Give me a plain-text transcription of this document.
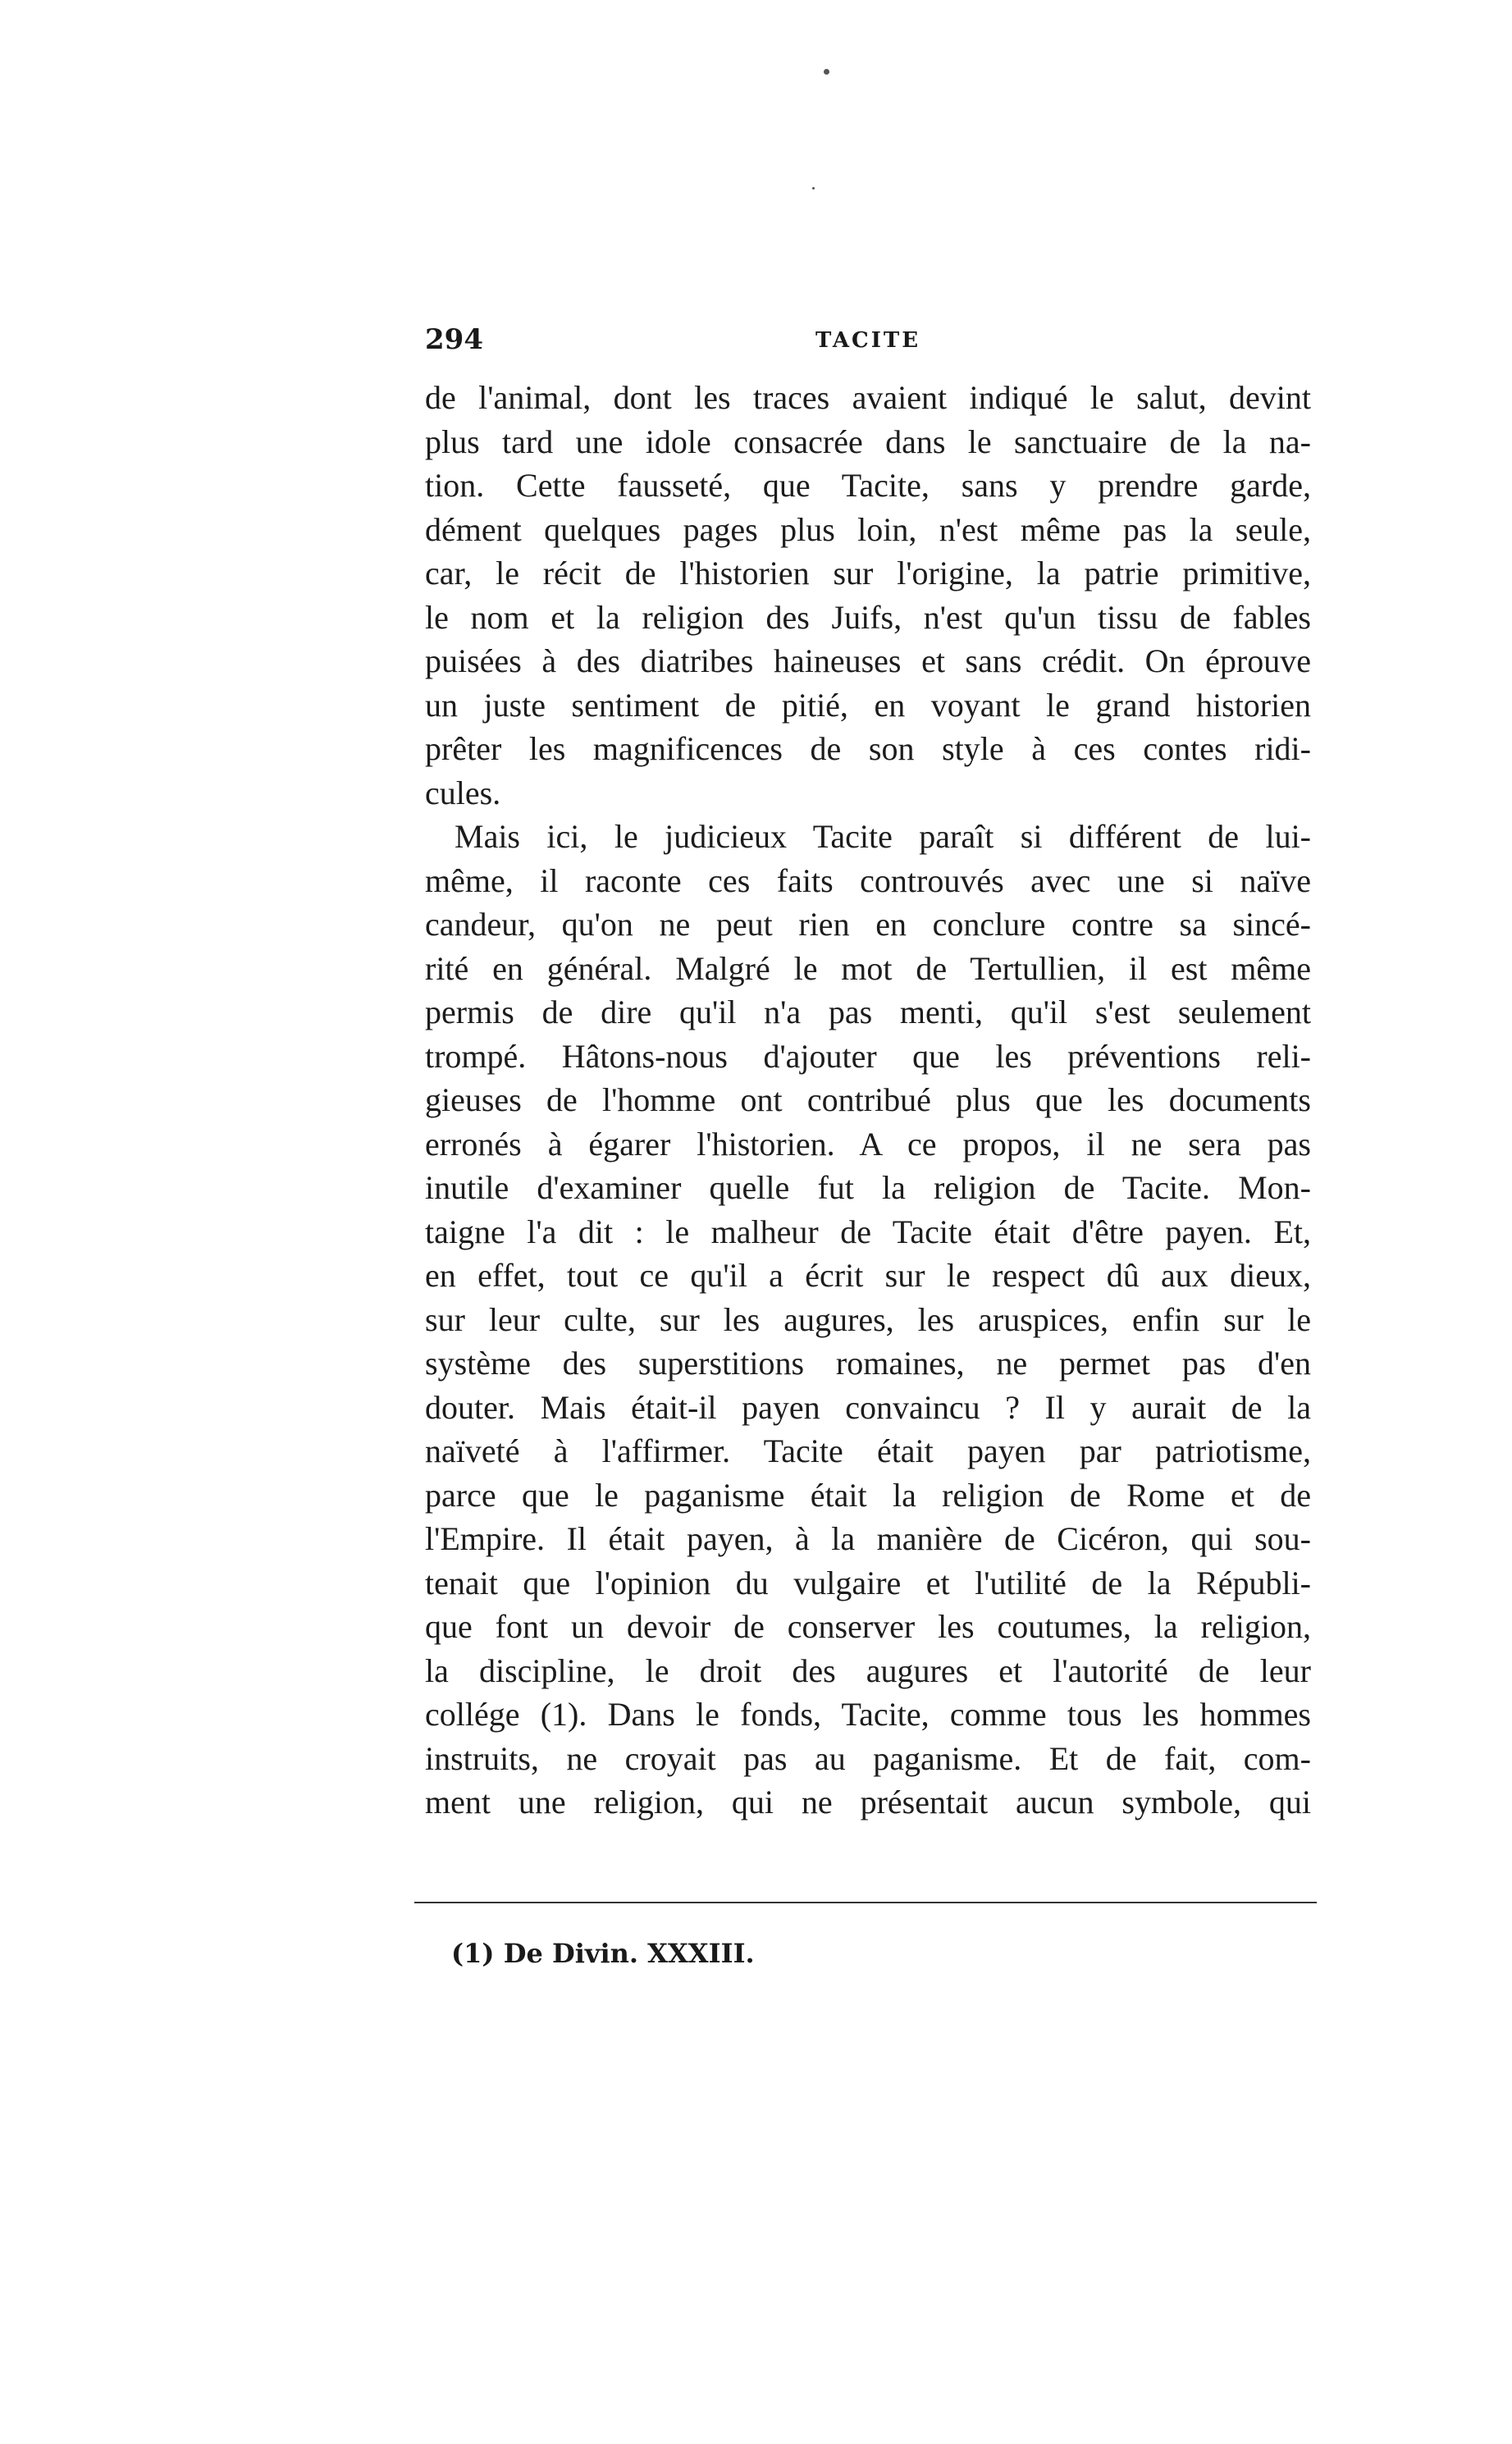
294	TACITE
de l'animal, dont les traces avaient indiqué le salut, devint
plus tard une idole consacrée dans le sanctuaire de la na-
tion. Cette fausseté, que Tacite, sans y prendre garde,
dément quelques pages plus loin, n'est même pas la seule,
car, le récit de l'historien sur l'origine, la patrie primitive,
le nom et la religion des Juifs, n'est qu'un tissu de fables
puisées à des diatribes haineuses et sans crédit. On éprouve
un juste sentiment de pitié, en voyant le grand historien
prêter les magnificences de son style à ces contes ridi-
cules.
Mais ici, le judicieux Tacite paraît si différent de lui-
même, il raconte ces faits controuvés avec une si naïve
candeur, qu'on ne peut rien en conclure contre sa sincé-
rité en général. Malgré le mot de Tertullien, il est même
permis de dire qu'il n'a pas menti, qu'il s'est seulement
trompé. Hâtons-nous d'ajouter que les préventions reli-
gieuses de l'homme ont contribué plus que les documents
erronés à égarer l'historien. A ce propos, il ne sera pas
inutile d'examiner quelle fut la religion de Tacite. Mon-
taigne l'a dit : le malheur de Tacite était d'être payen. Et,
en effet, tout ce qu'il a écrit sur le respect dû aux dieux,
sur leur culte, sur les augures, les aruspices, enfin sur le
système des superstitions romaines, ne permet pas d'en
douter. Mais était-il payen convaincu ? Il y aurait de la
naïveté à l'affirmer. Tacite était payen par patriotisme,
parce que le paganisme était la religion de Rome et de
l'Empire. Il était payen, à la manière de Cicéron, qui sou-
tenait que l'opinion du vulgaire et l'utilité de la Républi-
que font un devoir de conserver les coutumes, la religion,
la discipline, le droit des augures et l'autorité de leur
collége (1). Dans le fonds, Tacite, comme tous les hommes
instruits, ne croyait pas au paganisme. Et de fait, com-
ment une religion, qui ne présentait aucun symbole, qui
(1) De Divin. XXXIII.
